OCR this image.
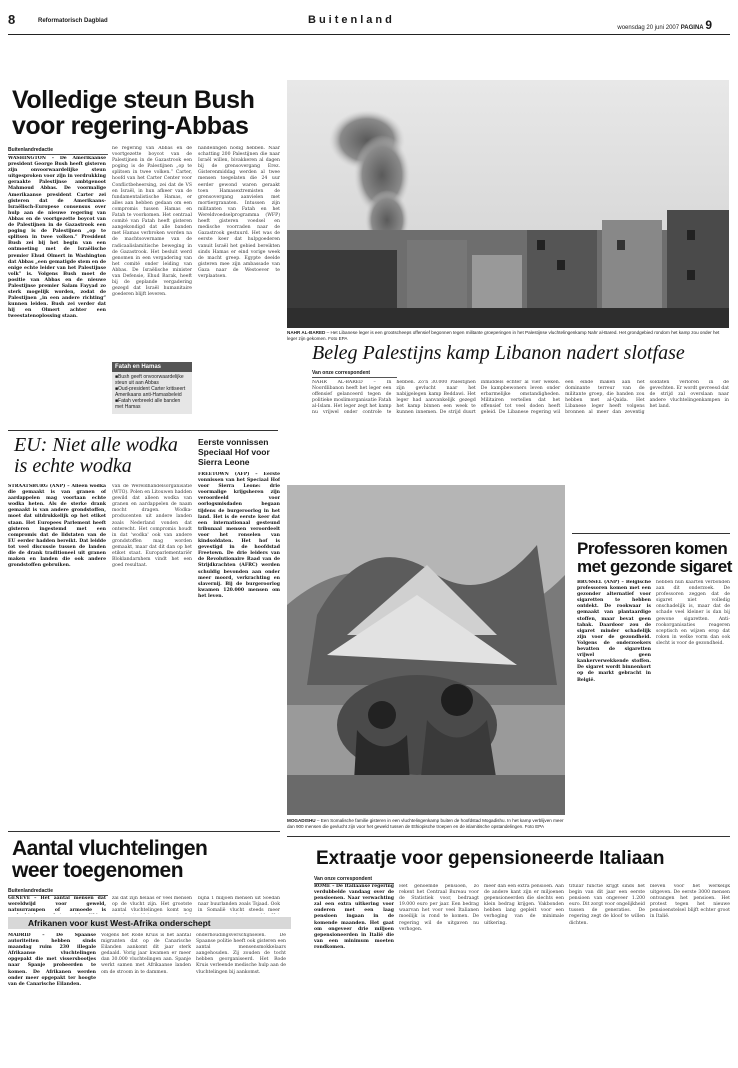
8	Reformatorisch Dagblad	Buitenland
woensdag 20 juni 2007 PAGINA 9
Volledige steun Bush
voor regering-Abbas
Buitenlandredactie

WASHINGTON – De Amerikaanse president George Bush heeft gisteren zijn onvoorwaardelijke steun uitgesproken voor zijn in verdrukking geraakte Palestijnse ambtgenoot Mahmoud Abbas. De voormalige Amerikaanse president Carter zei gisteren dat de Amerikaans-Israëlisch-Europese consensus over hulp aan de nieuwe regering van Abbas en de voortgezette boycot van de Palestijnen in de Gazastrook een poging is de Palestijnen „op te splitsen in twee volken.” President Bush zei bij het begin van een ontmoeting met de Israëlische premier Ehud Olmert in Washington dat Abbas „een gematigde stem en de enige echte leider van het Palestijnse volk” is. Volgens Bush moet de positie van Abbas en de nieuwe Palestijnse premier Salam Fayyad zo sterk mogelijk worden, zodat de Palestijnen „in een andere richting” kunnen leiden. Bush zei verder dat hij en Olmert achter een tweestatenoplossing staan.

ne regering van Abbas en de voortgezette boycot van de Palestijnen in de Gazastrook een poging is de Palestijnen „op te splitsen in twee volken.” Carter, hoofd van het Carter Center voor Conflictbeheersing, zei dat de VS en Israël, in hun afkeer van de fundamentalistische Hamas, er alles aan hebben gedaan om een compromis tussen Hamas en Fatah te voorkomen. Het centraal comité van Fatah heeft gisteren aangekondigd dat alle banden met Hamas verbroken worden na de machtsovername van de radicaalislamitische beweging in de Gazastrook. Het besluit werd genomen in een vergadering van het comité onder leiding van Abbas. De Israëlische minister van Defensie, Ehud Barak, heeft bij de geplande vergadering gezegd dat Israël humanitaire goederen blijft leveren.

handelingen nodig hebben. Naar schatting 200 Palestijnen die naar Israël willen, bivakkeren al dagen bij de grensovergang Erez. Gisterenmiddag werden al twee mensen toegelaten die 24 uur eerder gewond waren geraakt toen Hamasextremisten de grensovergang aanvielen met mortiergranaten. Intussen zijn militanten van Fatah en het Wereldvoedselprogramma (WFP) heeft gisteren voedsel en medische voorraden naar de Gazastrook gestuurd. Het was de eerste keer dat hulpgoederen vanuit Israël het gebied bereikten sinds Hamas er eind vorige week de macht greep. Egypte deelde gisteren mee zijn ambassade van Gaza naar de Westoever te verplaatsen.

Fatah en Hamas
■ Bush geeft onvoorwaardelijke steun uit aan Abbas
■ Oud-president Carter kritiseert Amerikaans anti-Hamasbeleid
■ Fatah verbreekt alle banden met Hamas
NAHR AL-BARED – Het Libanese leger is een grootscheeps offensief begonnen tegen militante groeperingen in het Palestijnse vluchtelingenkamp Nahr al-Bared. Het grondgebied rondom het kamp zou onder het leger zijn gekomen. Foto EPA
Beleg Palestijns kamp Libanon nadert slotfase
Van onze correspondent

NAHR AL-BARED – In Noordlibanon heeft het leger een offensief gelanceerd tegen de politieke moslimorganisatie Fatah al-Islam. Het leger zegt het kamp nu vrijwel onder controle te hebben. Zo'n 30.000 Palestijnen zijn gevlucht naar het nabijgelegen kamp Beddawi. Het leger had aanvankelijk gezegd het kamp binnen een week te kunnen innemen. De strijd duurt inmiddels echter al vier weken. De kampbewoners leven onder erbarmelijke omstandigheden. Militairen vertellen dat het offensief tot veel doden heeft geleid. De Libanese regering wil een einde maken aan het dominante terreur van de militante groep, die banden zou hebben met al-Qaida. Het Libanese leger heeft volgens bronnen al meer dan zeventig soldaten verloren in de gevechten. Er wordt gevreesd dat de strijd zal overslaan naar andere vluchtelingenkampen in het land.

EU: Niet alle wodka
is echte wodka

STRAATSBURG (ANP) – Alleen wodka die gemaakt is van granen of aardappelen mag voortaan echte wodka heten. Als de sterke drank gemaakt is van andere grondstoffen, moet dat uitdrukkelijk op het etiket staan. Het Europees Parlement heeft gisteren ingestemd met een compromis dat de lidstaten van de EU eerder hadden bereikt. Dat leidde tot veel discussie tussen de landen die de drank traditioneel uit granen maken en landen die ook andere grondstoffen gebruiken.

van de Wereldhandelsorganisatie (WTO). Polen en Litouwen hadden gewild dat alleen wodka van granen en aardappelen de naam mocht dragen. Wodka-producenten uit andere landen zoals Nederland vonden dat onterecht. Het compromis houdt in dat 'wodka' ook van andere grondstoffen mag worden gemaakt, maar dat dit dan op het etiket staat. Europarlementariër Bloklandarnhem vindt het een goed resultaat.

Eerste vonnissen Speciaal Hof voor Sierra Leone

FREETOWN (AFP) – Eerste vonnissen van het Speciaal Hof voor Sierra Leone: drie voormalige krijgsheren zijn veroordeeld voor oorlogsmisdaden begaan tijdens de burgeroorlog in het land. Het is de eerste keer dat een internationaal gesteund tribunaal mensen veroordeelt voor het ronselen van kindsoldaten. Het hof is gevestigd in de hoofdstad Freetown. De drie leiders van de Revolutionaire Raad van de Strijdkrachten (AFRC) werden schuldig bevonden aan onder meer moord, verkrachting en slavernij. Bij de burgeroorlog kwamen 120.000 mensen om het leven.

Aantal vluchtelingen
weer toegenomen
Buitenlandredactie

GENÈVE – Het aantal mensen dat wereldwijd voor geweld, natuurrampen of armoede is

zal dat zijn helaas er veel mensen op de vlucht zijn. Het grootste aantal vluchtelingen komt nog

bijna 1 miljoen mensen uit Soedan naar buurlanden zoals Tsjaad. Ook in Somalië vlucht steeds meer

Afrikanen voor kust West-Afrika onderschept

MADRID – De Spaanse autoriteiten hebben sinds maandag ruim 230 illegale Afrikaanse vluchtelingen opgepakt die met vissersbootjes naar Spanje probeerden te komen. De Afrikanen werden onder meer opgepakt ter hoogte van de Canarische Eilanden.

Volgens het Rode Kruis is het aantal migranten dat op de Canarische Eilanden aankomt dit jaar sterk gedaald. Vorig jaar kwamen er meer dan 30.000 vluchtelingen aan. Spanje werkt samen met Afrikaanse landen om de stroom in te dammen.

onderhoudingsverschijnselen. De Spaanse politie heeft ook gisteren een aantal mensensmokkelaars aangehouden. Zij zouden de tocht hebben georganiseerd. Het Rode Kruis verleende medische hulp aan de vluchtelingen bij aankomst.

MOGADISHU – Een Somalische familie gisteren in een vluchtelingenkamp buiten de hoofdstad Mogadishu. In het kamp verblijven meer dan 900 mensen die gevlucht zijn voor het geweld tussen de Ethiopische troepen en de islamitische opstandelingen. Foto EPA
Professoren komen
met gezonde sigaret

BRUSSEL (ANP) – Belgische professoren komen met een gezonder alternatief voor sigaretten te hebben ontdekt. De rookwaar is gemaakt van plantaardige stoffen, maar bevat geen tabak. Daardoor zou de sigaret minder schadelijk zijn voor de gezondheid. Volgens de onderzoekers bevatten de sigaretten vrijwel geen kankerverwekkende stoffen. De sigaret wordt binnenkort op de markt gebracht in België.

hebben hun kaarten verbonden aan dit onderzoek. De professoren zeggen dat de sigaret niet volledig onschadelijk is, maar dat de schade veel kleiner is dan bij gewone sigaretten. Anti-rookorganisaties reageren sceptisch en wijzen erop dat roken in welke vorm dan ook slecht is voor de gezondheid.

Extraatje voor gepensioneerde Italiaan
Van onze correspondent

ROME – De Italiaanse regering verdubbelde vandaag over de pensioenen. Naar verwachting zal een extra uitkering voor ouderen met een laag pensioen ingaan in de komende maanden. Het gaat om ongeveer drie miljoen gepensioneerden in Italië die van een minimum moeten rondkomen.

Het genoemde pensioen, zo rekent het Centraal Bureau voor de Statistiek voor, bedraagt 19.000 euro per jaar. Een bedrag waarvan het voor veel Italianen moeilijk is rond te komen. De regering wil de uitgaven nu verhogen.

meer dan één extra pensioen. Aan de andere kant zijn er miljoenen gepensioneerden die slechts een klein bedrag krijgen. Vakbonden hebben lang gepleit voor een verhoging van de minimale uitkering.

titular functie krijgt sinds het begin van dit jaar een eerste pensioen van ongeveer 1.200 euro. Dit zorgt voor ongelijkheid tussen de generaties. De regering zegt de kloof te willen dichten.

bleven voor het werkelijk uitgeven. De eerste 3000 mensen ontvangen het pensioen. Het protest tegen het nieuwe pensioenstelsel blijft echter groot in Italië.
